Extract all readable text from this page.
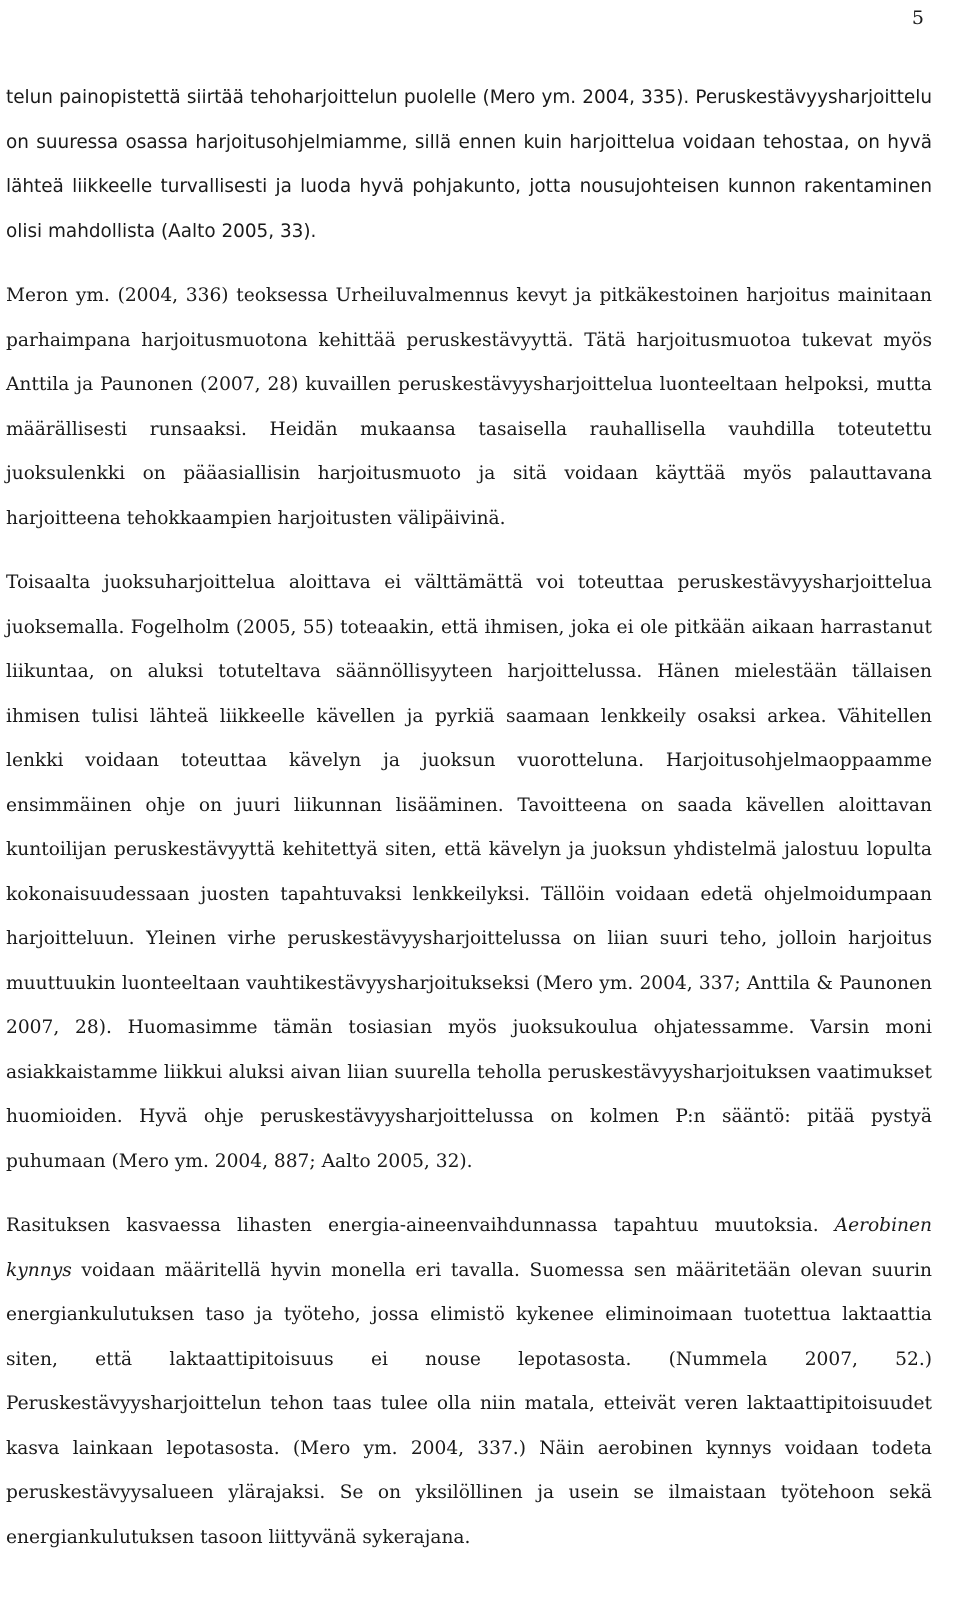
5

telun painopistettä siirtää tehoharjoittelun puolelle (Mero ym. 2004, 335). Peruskestävyysharjoittelu on suuressa osassa harjoitusohjelmiamme, sillä ennen kuin harjoittelua voidaan tehostaa, on hyvä lähteä liikkeelle turvallisesti ja luoda hyvä pohjakunto, jotta nousujohteisen kunnon rakentaminen olisi mahdollista (Aalto 2005, 33).

Meron ym. (2004, 336) teoksessa Urheiluvalmennus kevyt ja pitkäkestoinen harjoitus mainitaan parhaimpana harjoitusmuotona kehittää peruskestävyyttä. Tätä harjoitusmuotoa tukevat myös Anttila ja Paunonen (2007, 28) kuvaillen peruskestävyysharjoittelua luonteeltaan helpoksi, mutta määrällisesti runsaaksi. Heidän mukaansa tasaisella rauhallisella vauhdilla toteutettu juoksulenkki on pääasiallisin harjoitusmuoto ja sitä voidaan käyttää myös palauttavana harjoitteena tehokkaampien harjoitusten välipäivinä.

Toisaalta juoksuharjoittelua aloittava ei välttämättä voi toteuttaa peruskestävyysharjoittelua juoksemalla. Fogelholm (2005, 55) toteaakin, että ihmisen, joka ei ole pitkään aikaan harrastanut liikuntaa, on aluksi totuteltava säännöllisyyteen harjoittelussa. Hänen mielestään tällaisen ihmisen tulisi lähteä liikkeelle kävellen ja pyrkiä saamaan lenkkeily osaksi arkea. Vähitellen lenkki voidaan toteuttaa kävelyn ja juoksun vuorotteluna. Harjoitusohjelmaoppaamme ensimmäinen ohje on juuri liikunnan lisääminen. Tavoitteena on saada kävellen aloittavan kuntoilijan peruskestävyyttä kehitettyä siten, että kävelyn ja juoksun yhdistelmä jalostuu lopulta kokonaisuudessaan juosten tapahtuvaksi lenkkeilyksi. Tällöin voidaan edetä ohjelmoidumpaan harjoitteluun. Yleinen virhe peruskestävyysharjoittelussa on liian suuri teho, jolloin harjoitus muuttuukin luonteeltaan vauhtikestävyysharjoitukseksi (Mero ym. 2004, 337; Anttila & Paunonen 2007, 28). Huomasimme tämän tosiasian myös juoksukoulua ohjatessamme. Varsin moni asiakkaistamme liikkui aluksi aivan liian suurella teholla peruskestävyysharjoituksen vaatimukset huomioiden. Hyvä ohje peruskestävyysharjoittelussa on kolmen P:n sääntö: pitää pystyä puhumaan (Mero ym. 2004, 887; Aalto 2005, 32).

Rasituksen kasvaessa lihasten energia-aineenvaihdunnassa tapahtuu muutoksia. Aerobinen kynnys voidaan määritellä hyvin monella eri tavalla. Suomessa sen määritetään olevan suurin energiankulutuksen taso ja työteho, jossa elimistö kykenee eliminoimaan tuotettua laktaattia siten, että laktaattipitoisuus ei nouse lepotasosta. (Nummela 2007, 52.) Peruskestävyysharjoittelun tehon taas tulee olla niin matala, etteivät veren laktaattipitoisuudet kasva lainkaan lepotasosta. (Mero ym. 2004, 337.) Näin aerobinen kynnys voidaan todeta peruskestävyysalueen ylärajaksi. Se on yksilöllinen ja usein se ilmaistaan työtehoon sekä energiankulutuksen tasoon liittyvänä sykerajana.
